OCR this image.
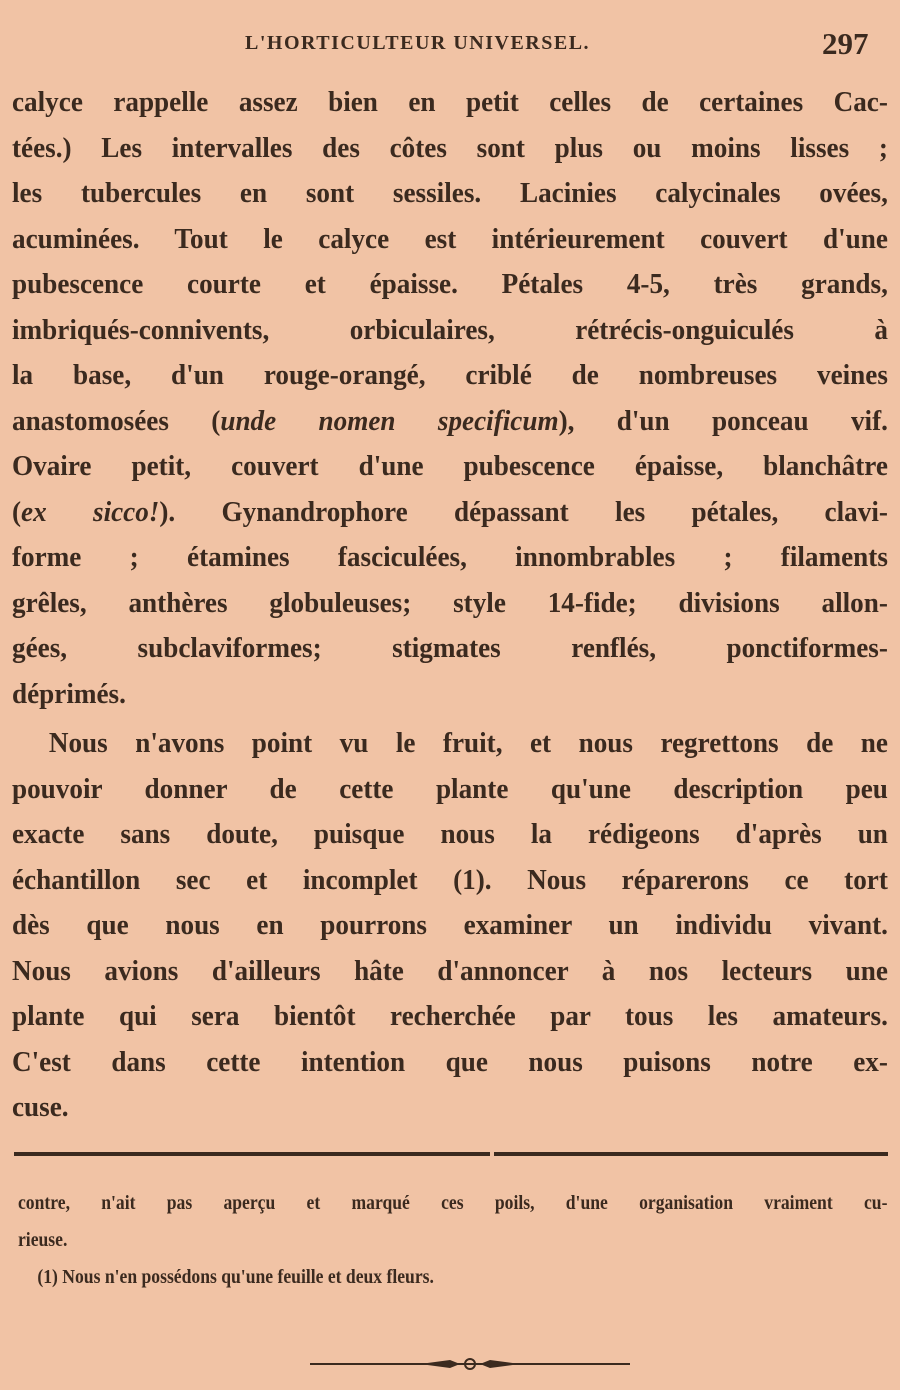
L'HORTICULTEUR UNIVERSEL.	297
calyce rappelle assez bien en petit celles de certaines Cac-
tées.) Les intervalles des côtes sont plus ou moins lisses ;
les tubercules en sont sessiles. Lacinies calycinales ovées,
acuminées. Tout le calyce est intérieurement couvert d'une
pubescence courte et épaisse. Pétales 4-5, très grands,
imbriqués-connivents, orbiculaires, rétrécis-onguiculés à
la base, d'un rouge-orangé, criblé de nombreuses veines
anastomosées (unde nomen specificum), d'un ponceau vif.
Ovaire petit, couvert d'une pubescence épaisse, blanchâtre
(ex sicco!). Gynandrophore dépassant les pétales, clavi-
forme ; étamines fasciculées, innombrables ; filaments
grêles, anthères globuleuses; style 14-fide; divisions allon-
gées, subclaviformes; stigmates renflés, ponctiformes-
déprimés.
Nous n'avons point vu le fruit, et nous regrettons de ne
pouvoir donner de cette plante qu'une description peu
exacte sans doute, puisque nous la rédigeons d'après un
échantillon sec et incomplet (1). Nous réparerons ce tort
dès que nous en pourrons examiner un individu vivant.
Nous avions d'ailleurs hâte d'annoncer à nos lecteurs une
plante qui sera bientôt recherchée par tous les amateurs.
C'est dans cette intention que nous puisons notre ex-
cuse.
contre, n'ait pas aperçu et marqué ces poils, d'une organisation vraiment cu-
rieuse.
(1) Nous n'en possédons qu'une feuille et deux fleurs.
